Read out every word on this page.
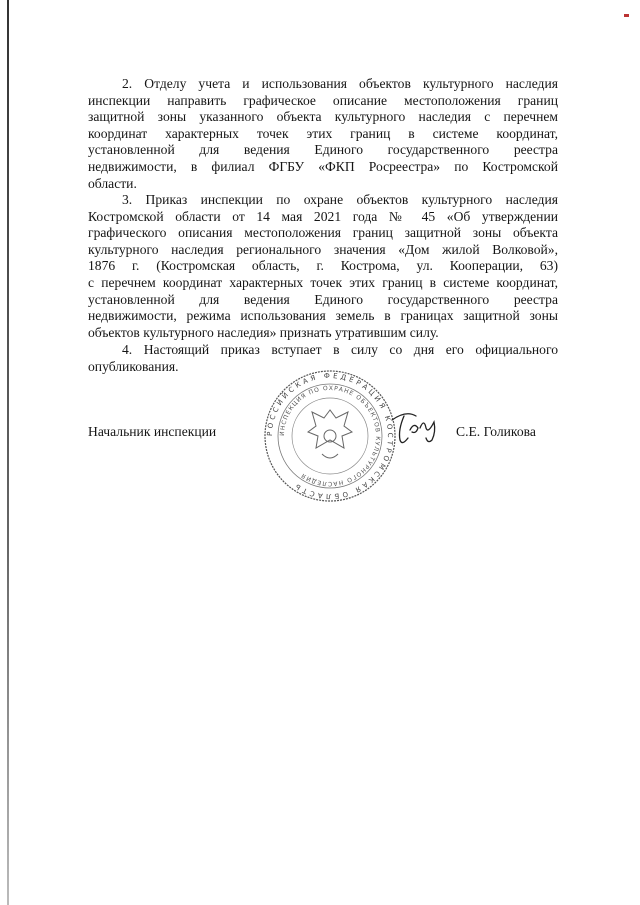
2. Отделу учета и использования объектов культурного наследия
инспекции направить графическое описание местоположения границ
защитной зоны указанного объекта культурного наследия с перечнем
координат характерных точек этих границ в системе координат,
установленной для ведения Единого государственного реестра
недвижимости, в филиал ФГБУ «ФКП Росреестра» по Костромской
области.
3. Приказ инспекции по охране объектов культурного наследия
Костромской области от 14 мая 2021 года № 45 «Об утверждении
графического описания местоположения границ защитной зоны объекта
культурного наследия регионального значения «Дом жилой Волковой»,
1876 г. (Костромская область, г. Кострома, ул. Кооперации, 63)
с перечнем координат характерных точек этих границ в системе координат,
установленной для ведения Единого государственного реестра
недвижимости, режима использования земель в границах защитной зоны
объектов культурного наследия» признать утратившим силу.
4. Настоящий приказ вступает в силу со дня его официального
опубликования.
РОССИЙСКАЯ ФЕДЕРАЦИЯ КОСТРОМСКАЯ ОБЛАСТЬ
ИНСПЕКЦИЯ ПО ОХРАНЕ ОБЪЕКТОВ КУЛЬТУРНОГО НАСЛЕДИЯ
Начальник инспекции	С.Е. Голикова
